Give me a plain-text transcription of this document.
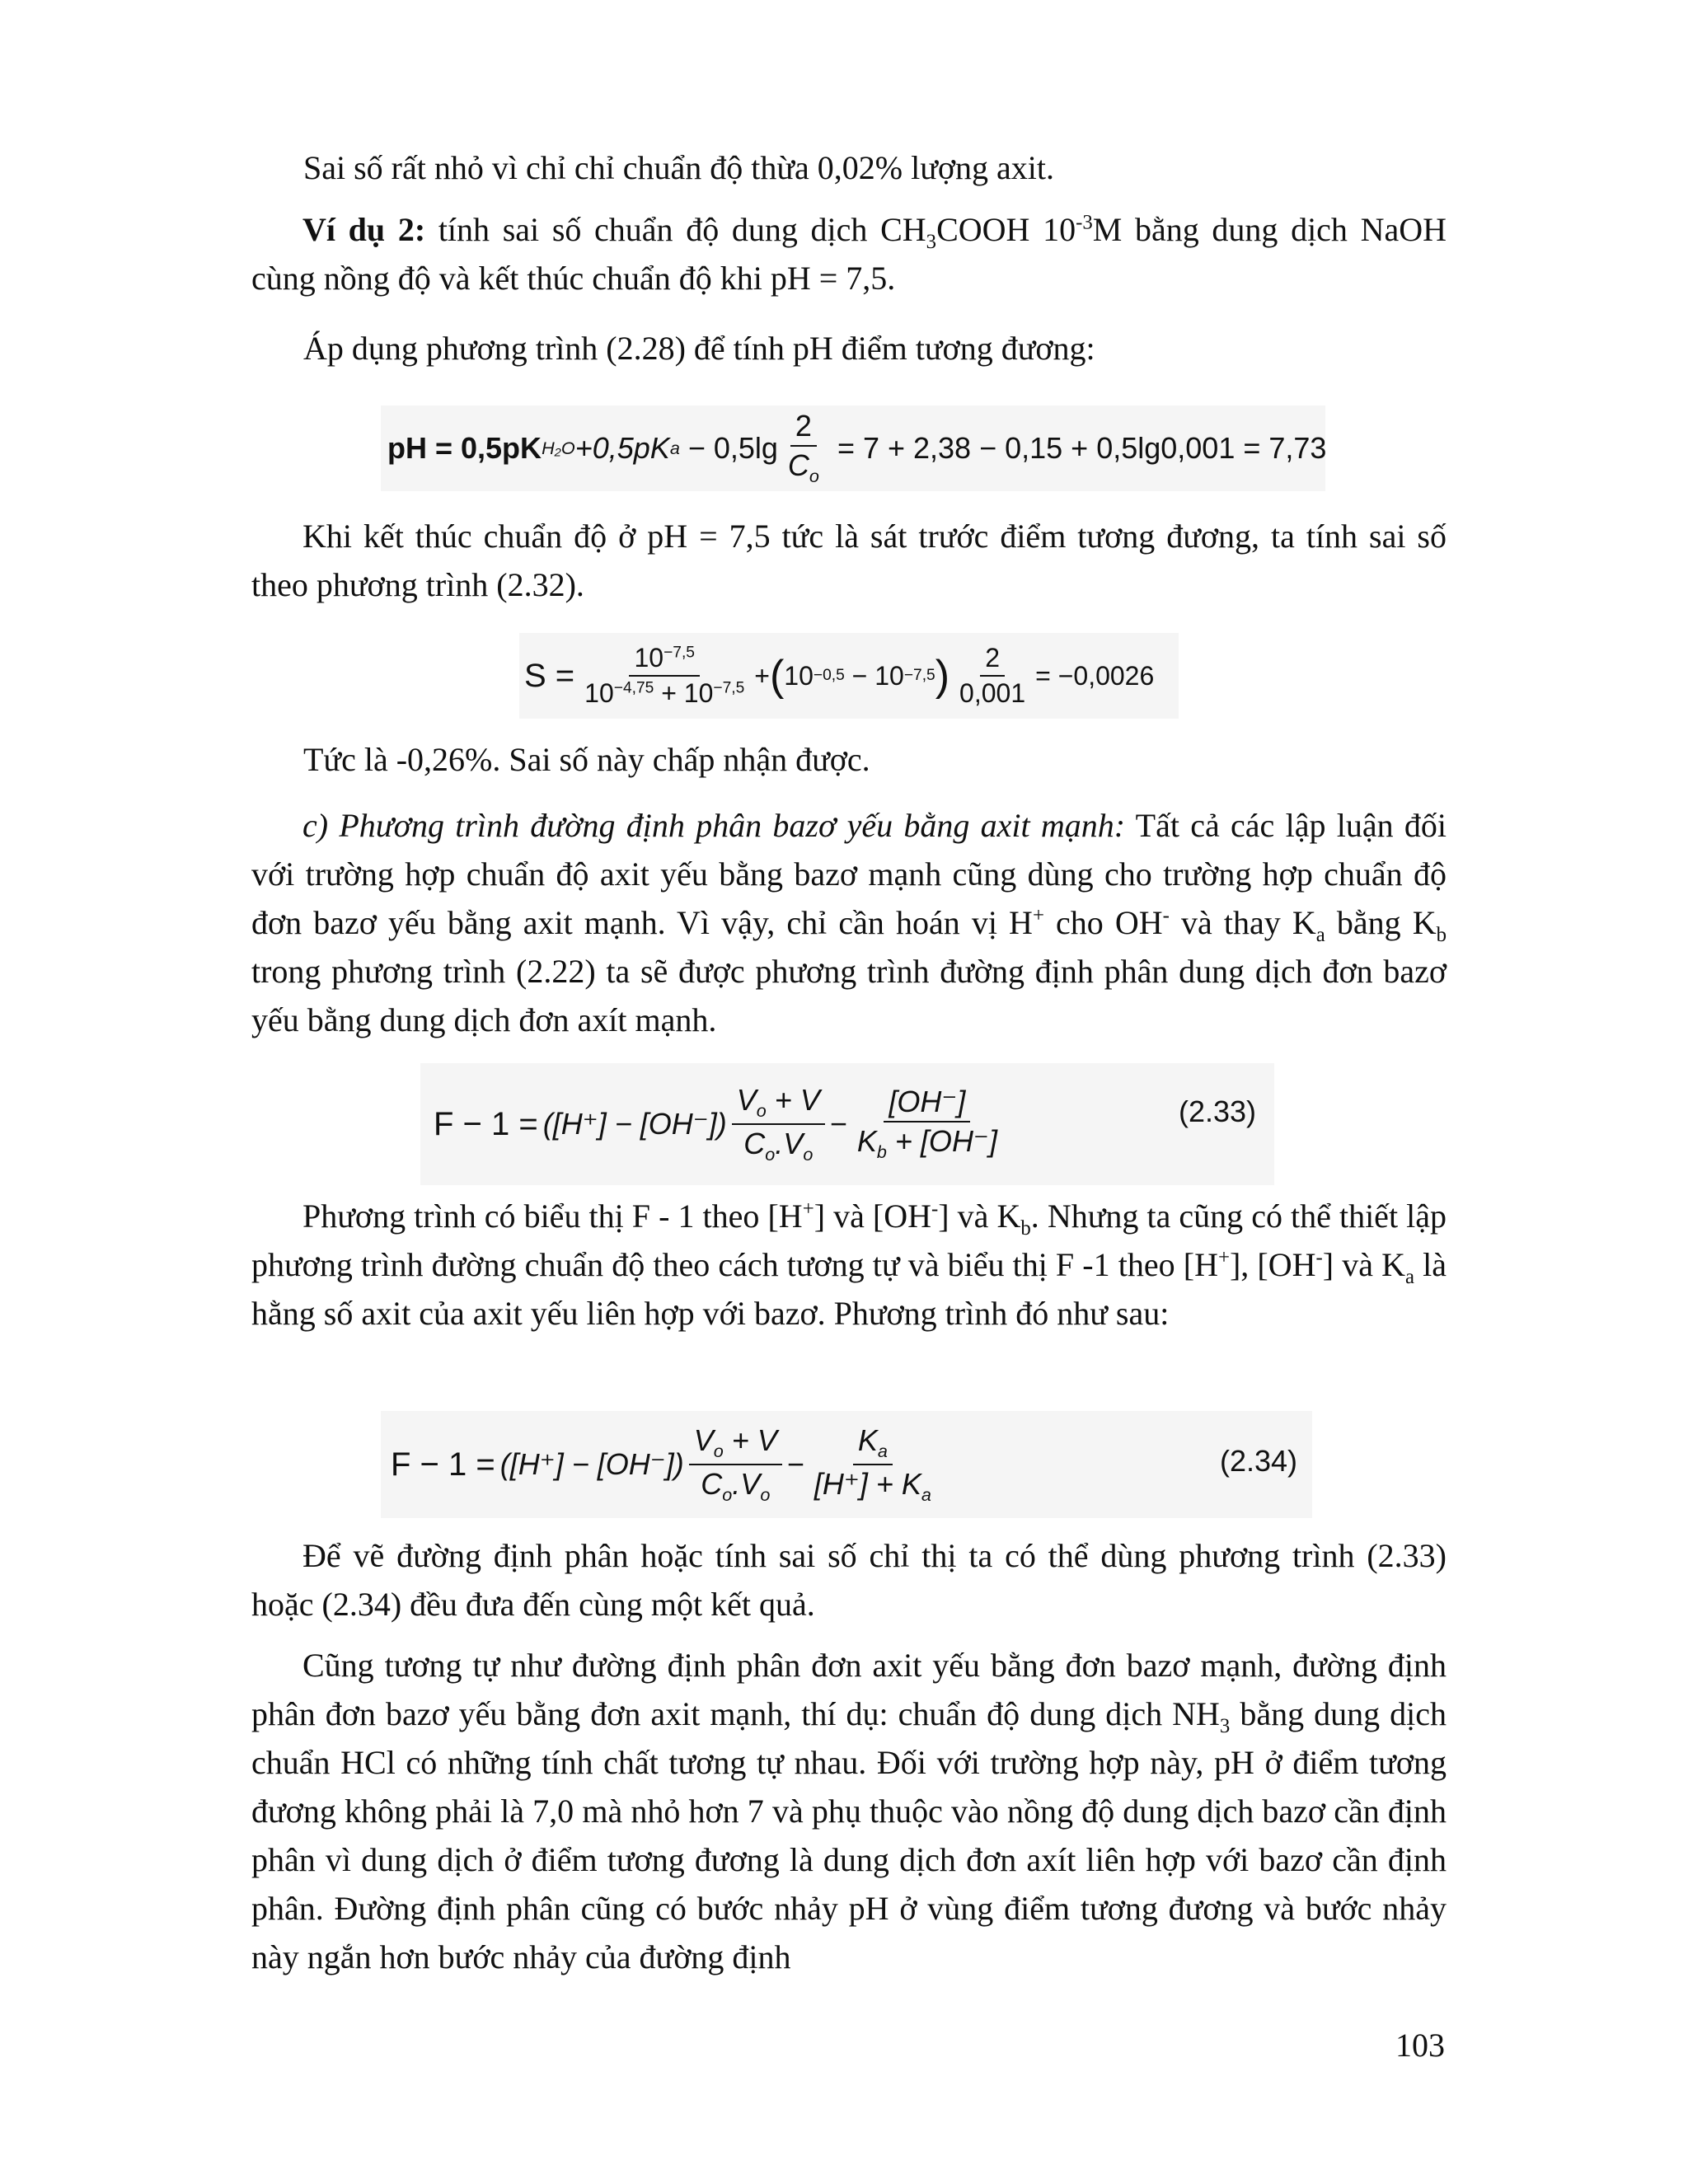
Sai số rất nhỏ vì chỉ chỉ chuẩn độ thừa 0,02% lượng axit.
Ví dụ 2: tính sai số chuẩn độ dung dịch $CH_3COOH$ $10^{-3}M$ bằng dung dịch NaOH cùng nồng độ và kết thúc chuẩn độ khi pH = 7,5.
Áp dụng phương trình (2.28) để tính pH điểm tương đương:
pH = 0,5pK H₂O +0,5pK $a - 0,5\lg \frac{2}{C_o} = 7 + 2,38 - 0,15 + 0,5\lg 0,001 = 7,73$
Khi kết thúc chuẩn độ ở pH = 7,5 tức là sát trước điểm tương đương, ta tính sai số theo phương trình (2.32).
$S = \frac{10^{-7,5}}{10^{-4,75} + 10^{-7,5}}$ + ( 10 −0,5 − 10 −7,5 ) $\frac{2}{0,001} = -0,0026$
Tức là -0,26%. Sai số này chấp nhận được.
c) Phương trình đường định phân bazơ yếu bằng axit mạnh: Tất cả các lập luận đối với trường hợp chuẩn độ axit yếu bằng bazơ mạnh cũng dùng cho trường hợp chuẩn độ đơn bazơ yếu bằng axit mạnh. Vì vậy, chỉ cần hoán vị H+ cho OH- và thay $K_a$ bằng $K_b$ trong phương trình (2.22) ta sẽ được phương trình đường định phân dung dịch đơn bazơ yếu bằng dung dịch đơn axít mạnh.
$F - 1 = ([H^+] - [OH^-]) \frac{V_o + V}{C_o.V_o} - \frac{[OH^-]}{K_b + [OH^-]}$	(2.33)
Phương trình có biểu thị F - 1 theo [H+] và [OH-] và $K_b$. Nhưng ta cũng có thể thiết lập phương trình đường chuẩn độ theo cách tương tự và biểu thị F -1 theo [H+], [OH-] và $K_a$ là hằng số axit của axit yếu liên hợp với bazơ. Phương trình đó như sau:
$F - 1 = ([H^+] - [OH^-]) \frac{V_o + V}{C_o.V_o} - \frac{K_a}{[H^+] + K_a}$	(2.34)
Để vẽ đường định phân hoặc tính sai số chỉ thị ta có thể dùng phương trình (2.33) hoặc (2.34) đều đưa đến cùng một kết quả.
Cũng tương tự như đường định phân đơn axit yếu bằng đơn bazơ mạnh, đường định phân đơn bazơ yếu bằng đơn axit mạnh, thí dụ: chuẩn độ dung dịch $NH_3$ bằng dung dịch chuẩn HCl có những tính chất tương tự nhau. Đối với trường hợp này, pH ở điểm tương đương không phải là 7,0 mà nhỏ hơn 7 và phụ thuộc vào nồng độ dung dịch bazơ cần định phân vì dung dịch ở điểm tương đương là dung dịch đơn axít liên hợp với bazơ cần định phân. Đường định phân cũng có bước nhảy pH ở vùng điểm tương đương và bước nhảy này ngắn hơn bước nhảy của đường định
103
